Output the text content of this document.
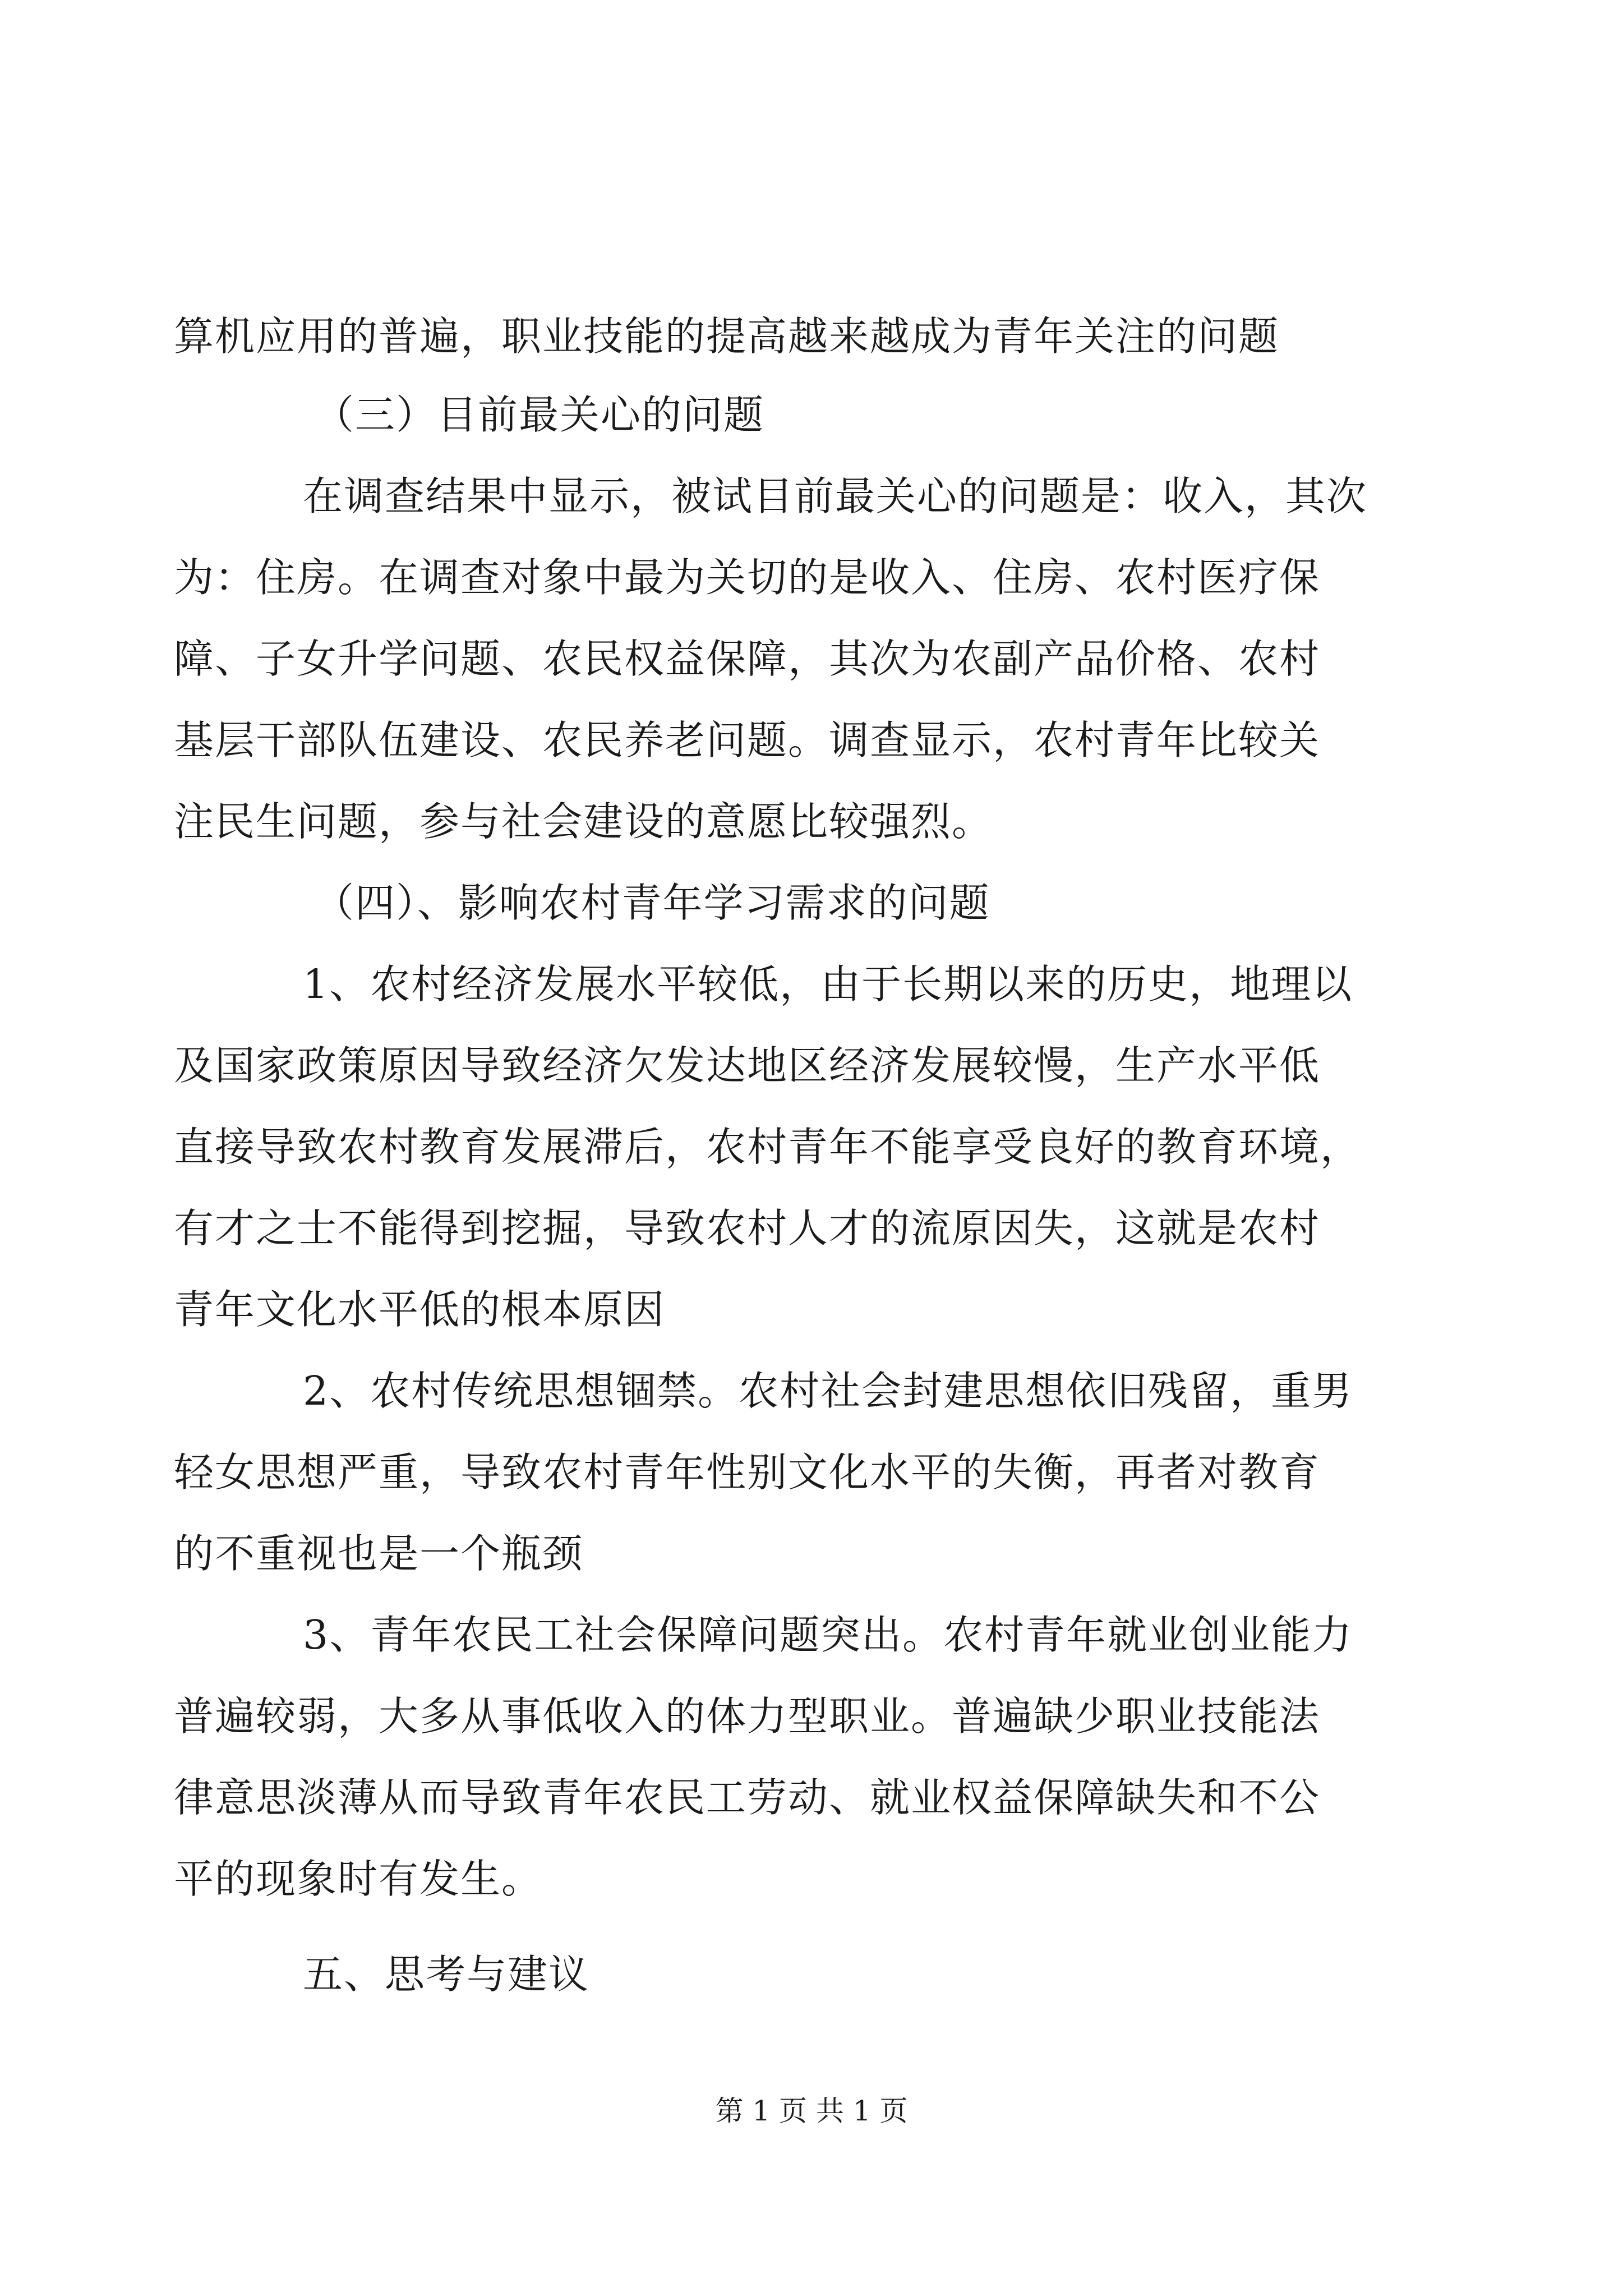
算机应用的普遍，职业技能的提高越来越成为青年关注的问题
（三）目前最关心的问题
在调查结果中显示，被试目前最关心的问题是：收入，其次
为：住房。在调查对象中最为关切的是收入、住房、农村医疗保
障、子女升学问题、农民权益保障，其次为农副产品价格、农村
基层干部队伍建设、农民养老问题。调查显示，农村青年比较关
注民生问题，参与社会建设的意愿比较强烈。
（四）、影响农村青年学习需求的问题
1、农村经济发展水平较低，由于长期以来的历史，地理以
及国家政策原因导致经济欠发达地区经济发展较慢，生产水平低
直接导致农村教育发展滞后，农村青年不能享受良好的教育环境，
有才之士不能得到挖掘，导致农村人才的流原因失，这就是农村
青年文化水平低的根本原因
2、农村传统思想锢禁。农村社会封建思想依旧残留，重男
轻女思想严重，导致农村青年性别文化水平的失衡，再者对教育
的不重视也是一个瓶颈
3、青年农民工社会保障问题突出。农村青年就业创业能力
普遍较弱，大多从事低收入的体力型职业。普遍缺少职业技能法
律意思淡薄从而导致青年农民工劳动、就业权益保障缺失和不公
平的现象时有发生。
五、思考与建议
第 1 页 共 1 页
